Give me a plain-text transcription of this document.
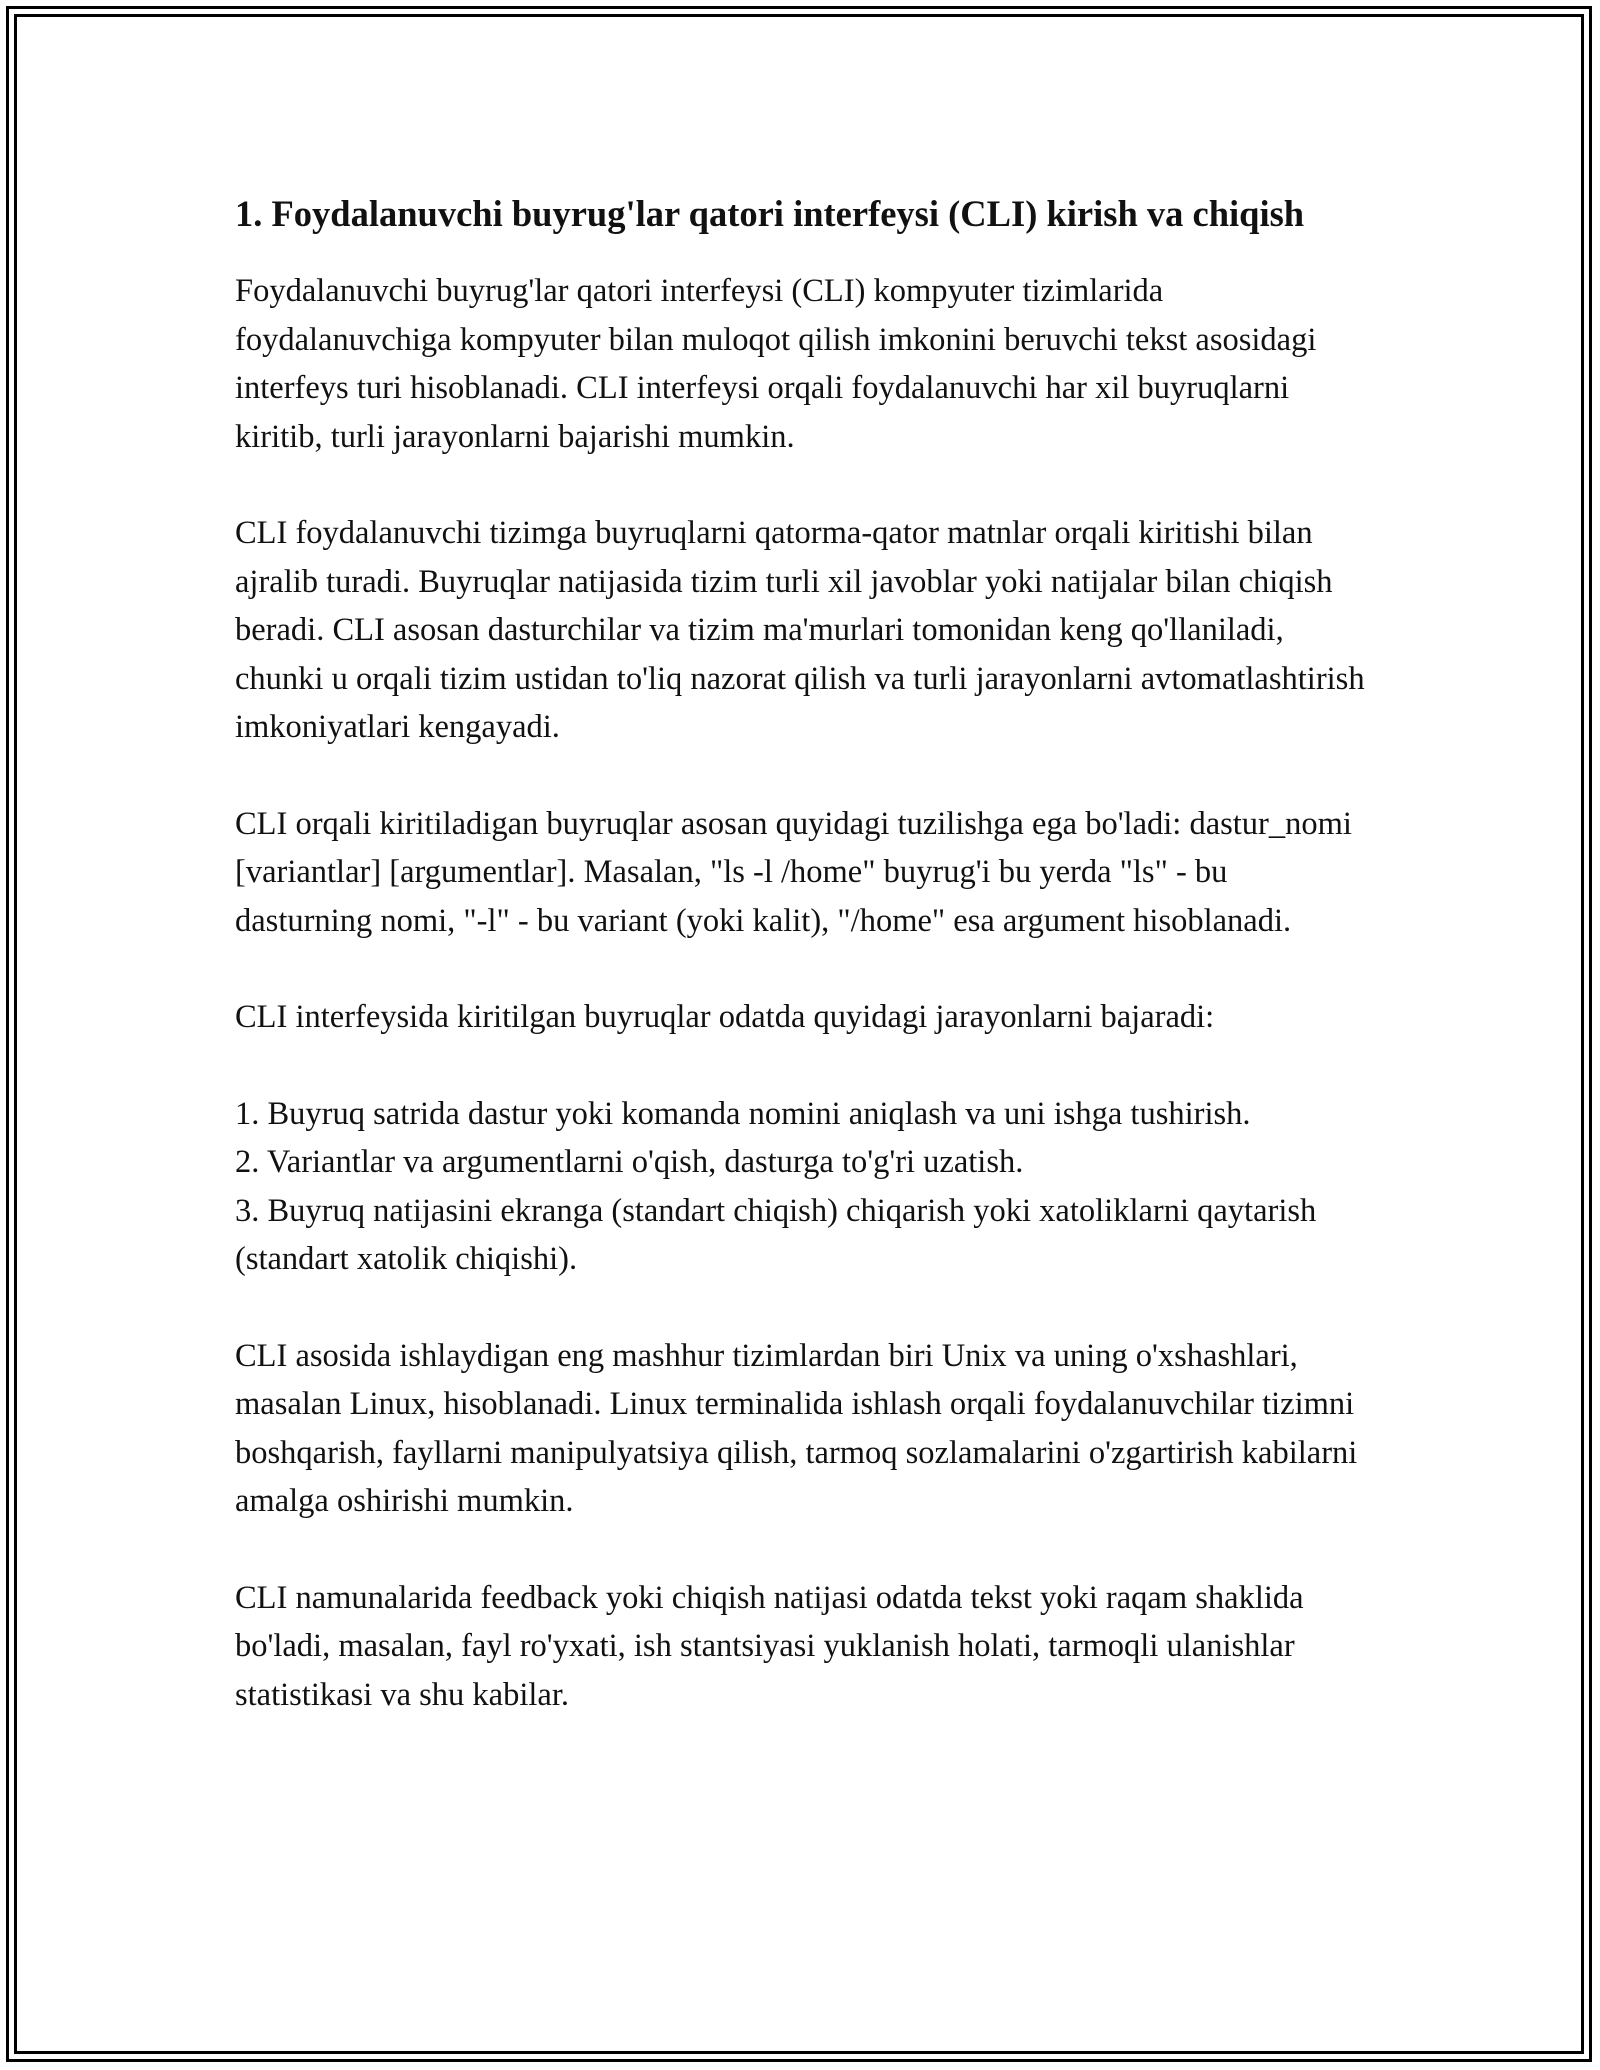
1. Foydalanuvchi buyrug'lar qatori interfeysi (CLI) kirish va chiqish

Foydalanuvchi buyrug'lar qatori interfeysi (CLI) kompyuter tizimlarida foydalanuvchiga kompyuter bilan muloqot qilish imkonini beruvchi tekst asosidagi interfeys turi hisoblanadi. CLI interfeysi orqali foydalanuvchi har xil buyruqlarni kiritib, turli jarayonlarni bajarishi mumkin.

CLI foydalanuvchi tizimga buyruqlarni qatorma-qator matnlar orqali kiritishi bilan ajralib turadi. Buyruqlar natijasida tizim turli xil javoblar yoki natijalar bilan chiqish beradi. CLI asosan dasturchilar va tizim ma'murlari tomonidan keng qo'llaniladi, chunki u orqali tizim ustidan to'liq nazorat qilish va turli jarayonlarni avtomatlashtirish imkoniyatlari kengayadi.

CLI orqali kiritiladigan buyruqlar asosan quyidagi tuzilishga ega bo'ladi: dastur_nomi [variantlar] [argumentlar]. Masalan, "ls -l /home" buyrug'i bu yerda "ls" - bu dasturning nomi, "-l" - bu variant (yoki kalit), "/home" esa argument hisoblanadi.

CLI interfeysida kiritilgan buyruqlar odatda quyidagi jarayonlarni bajaradi:

1. Buyruq satrida dastur yoki komanda nomini aniqlash va uni ishga tushirish.
2. Variantlar va argumentlarni o'qish, dasturga to'g'ri uzatish.
3. Buyruq natijasini ekranga (standart chiqish) chiqarish yoki xatoliklarni qaytarish (standart xatolik chiqishi).

CLI asosida ishlaydigan eng mashhur tizimlardan biri Unix va uning o'xshashlari, masalan Linux, hisoblanadi. Linux terminalida ishlash orqali foydalanuvchilar tizimni boshqarish, fayllarni manipulyatsiya qilish, tarmoq sozlamalarini o'zgartirish kabilarni amalga oshirishi mumkin.

CLI namunalarida feedback yoki chiqish natijasi odatda tekst yoki raqam shaklida bo'ladi, masalan, fayl ro'yxati, ish stantsiyasi yuklanish holati, tarmoqli ulanishlar statistikasi va shu kabilar.
